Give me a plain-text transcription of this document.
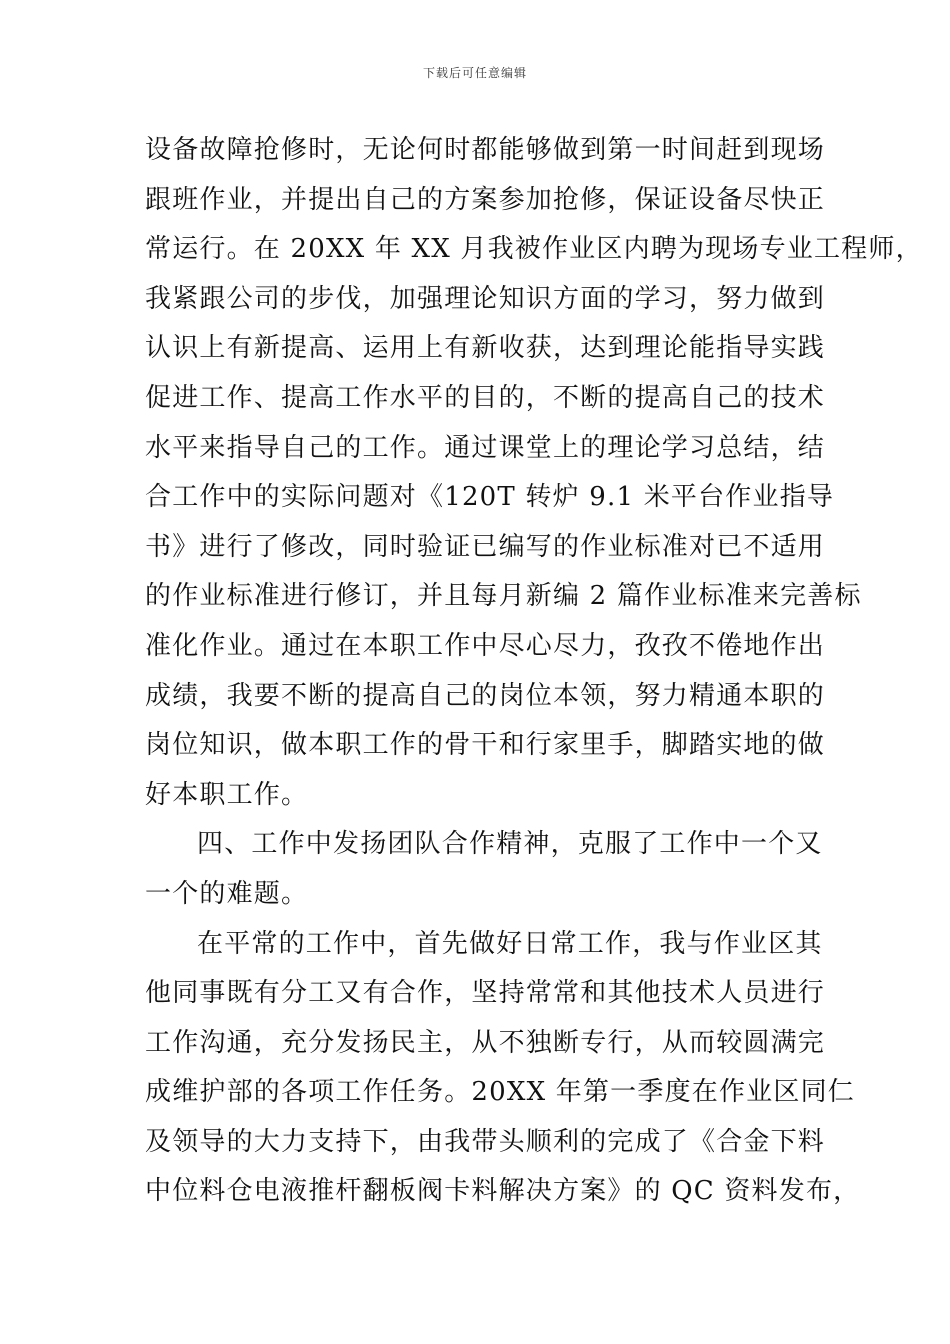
下载后可任意编辑
设备故障抢修时，无论何时都能够做到第一时间赶到现场
跟班作业，并提出自己的方案参加抢修，保证设备尽快正
常运行。在 20XX 年 XX 月我被作业区内聘为现场专业工程师，
我紧跟公司的步伐，加强理论知识方面的学习，努力做到
认识上有新提高、运用上有新收获，达到理论能指导实践
促进工作、提高工作水平的目的，不断的提高自己的技术
水平来指导自己的工作。通过课堂上的理论学习总结，结
合工作中的实际问题对《120T 转炉 9.1 米平台作业指导
书》进行了修改，同时验证已编写的作业标准对已不适用
的作业标准进行修订，并且每月新编 2 篇作业标准来完善标
准化作业。通过在本职工作中尽心尽力，孜孜不倦地作出
成绩，我要不断的提高自己的岗位本领，努力精通本职的
岗位知识，做本职工作的骨干和行家里手，脚踏实地的做
好本职工作。
四、工作中发扬团队合作精神，克服了工作中一个又
一个的难题。
在平常的工作中，首先做好日常工作，我与作业区其
他同事既有分工又有合作，坚持常常和其他技术人员进行
工作沟通，充分发扬民主，从不独断专行，从而较圆满完
成维护部的各项工作任务。20XX 年第一季度在作业区同仁
及领导的大力支持下，由我带头顺利的完成了《合金下料
中位料仓电液推杆翻板阀卡料解决方案》的 QC 资料发布，
